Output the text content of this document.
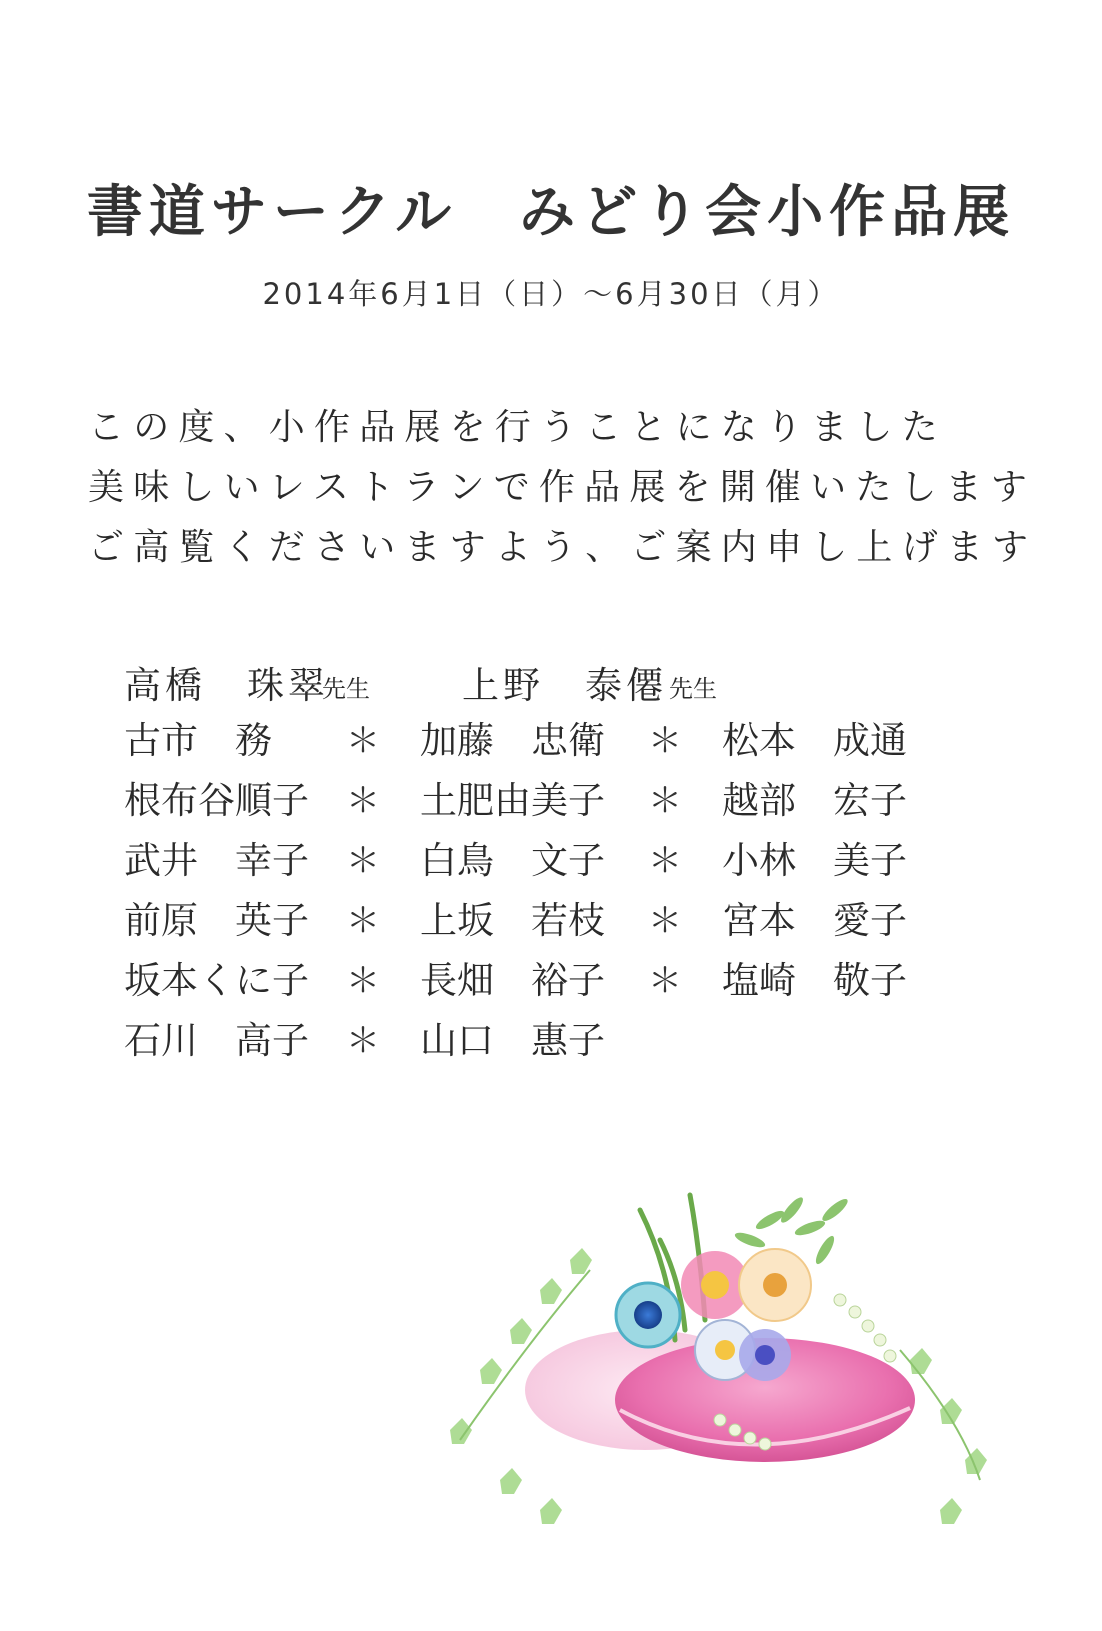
書道サークル　みどり会小作品展
2014年6月1日（日）〜6月30日（月）
この度、小作品展を行うことになりました
美味しいレストランで作品展を開催いたします
ご高覧くださいますよう、ご案内申し上げます
高橋　珠翠
先生 上野　泰僊 先生
古市　務 ＊ 加藤　忠衛 ＊ 松本　成通
根布谷順子 ＊ 土肥由美子 ＊ 越部　宏子
武井　幸子 ＊ 白鳥　文子 ＊ 小林　美子
前原　英子 ＊ 上坂　若枝 ＊ 宮本　愛子
坂本くに子 ＊ 長畑　裕子 ＊ 塩崎　敬子
石川　高子 ＊ 山口　惠子
